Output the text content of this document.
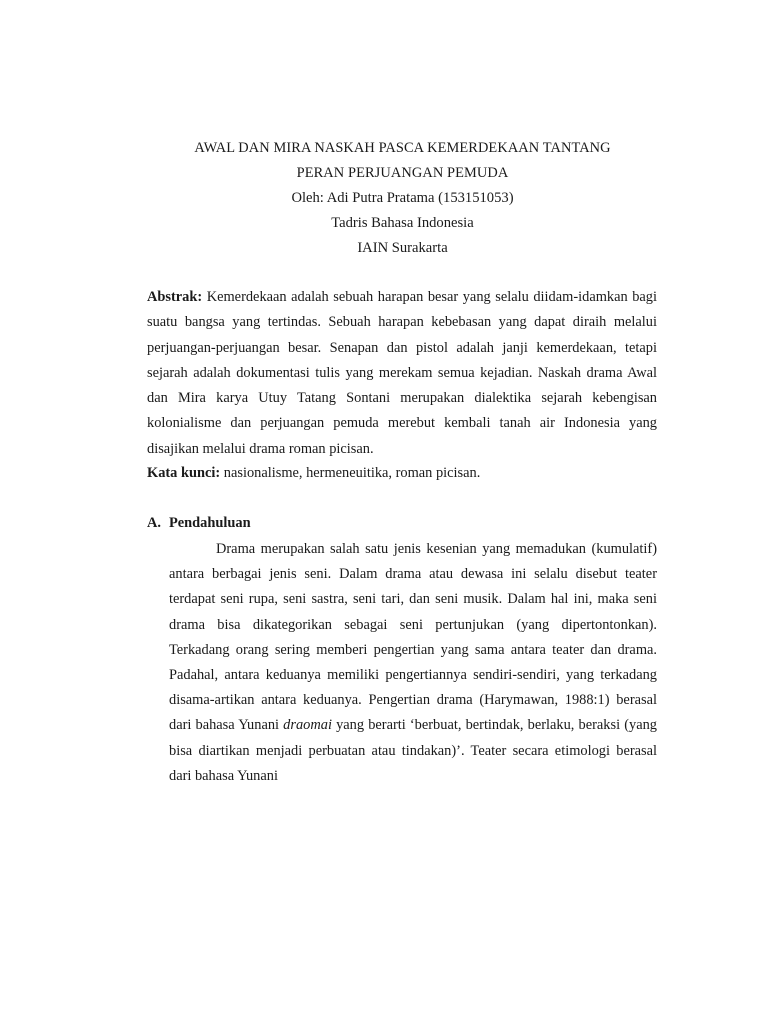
AWAL DAN MIRA NASKAH PASCA KEMERDEKAAN TANTANG
PERAN PERJUANGAN PEMUDA
Oleh: Adi Putra Pratama (153151053)
Tadris Bahasa Indonesia
IAIN Surakarta

Abstrak: Kemerdekaan adalah sebuah harapan besar yang selalu diidam-idamkan bagi suatu bangsa yang tertindas. Sebuah harapan kebebasan yang dapat diraih melalui perjuangan-perjuangan besar. Senapan dan pistol adalah janji kemerdekaan, tetapi sejarah adalah dokumentasi tulis yang merekam semua kejadian. Naskah drama Awal dan Mira karya Utuy Tatang Sontani merupakan dialektika sejarah kebengisan kolonialisme dan perjuangan pemuda merebut kembali tanah air Indonesia yang disajikan melalui drama roman picisan.

Kata kunci: nasionalisme, hermeneuitika, roman picisan.

A. Pendahuluan

Drama merupakan salah satu jenis kesenian yang memadukan (kumulatif) antara berbagai jenis seni. Dalam drama atau dewasa ini selalu disebut teater terdapat seni rupa, seni sastra, seni tari, dan seni musik. Dalam hal ini, maka seni drama bisa dikategorikan sebagai seni pertunjukan (yang dipertontonkan). Terkadang orang sering memberi pengertian yang sama antara teater dan drama. Padahal, antara keduanya memiliki pengertiannya sendiri-sendiri, yang terkadang disama-artikan antara keduanya. Pengertian drama (Harymawan, 1988:1) berasal dari bahasa Yunani draomai yang berarti ‘berbuat, bertindak, berlaku, beraksi (yang bisa diartikan menjadi perbuatan atau tindakan)’. Teater secara etimologi berasal dari bahasa Yunani
